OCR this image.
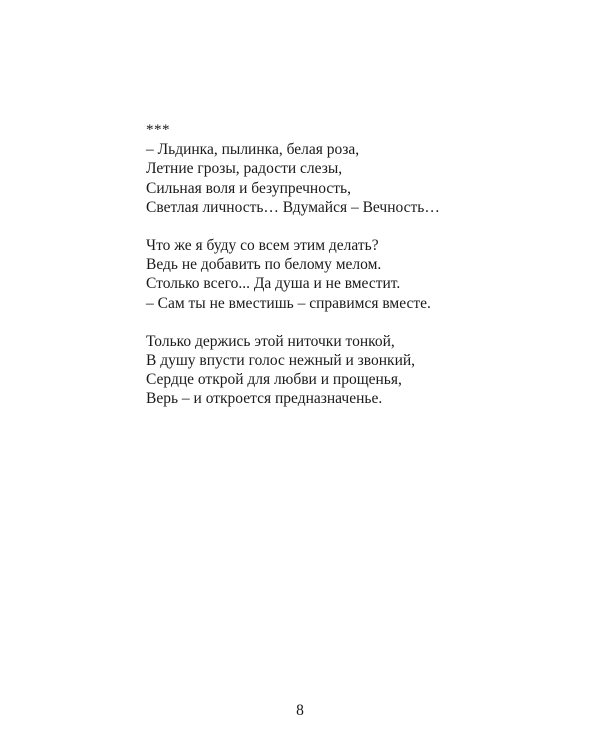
***
– Льдинка, пылинка, белая роза,
Летние грозы, радости слезы,
Сильная воля и безупречность,
Светлая личность… Вдумайся – Вечность…
Что же я буду со всем этим делать?
Ведь не добавить по белому мелом.
Столько всего... Да душа и не вместит.
– Сам ты не вместишь – справимся вместе.
Только держись этой ниточки тонкой,
В душу впусти голос нежный и звонкий,
Сердце открой для любви и прощенья,
Верь – и откроется предназначенье.
8
